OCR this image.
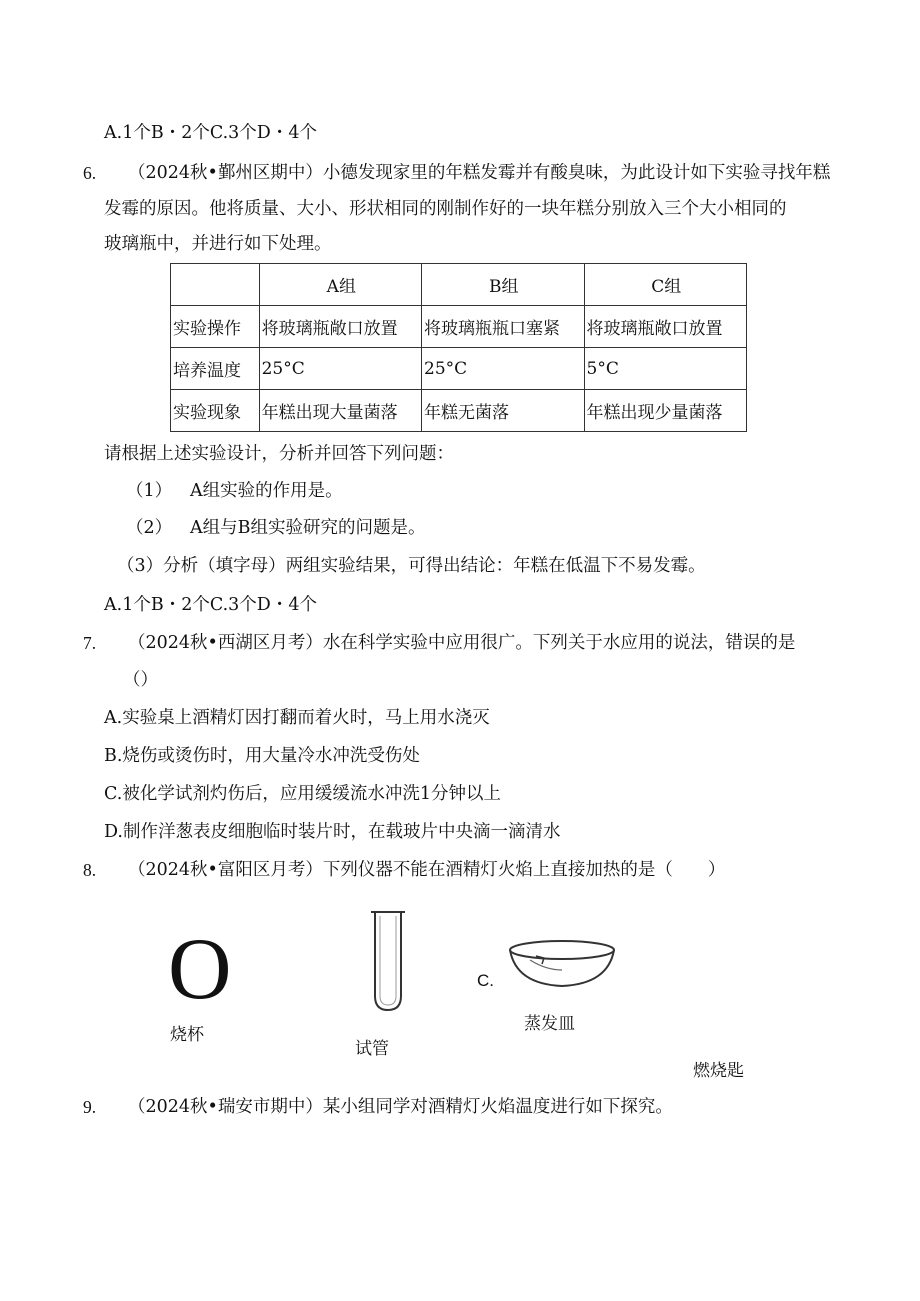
A.1个B・2个C.3个D・4个
6. （2024秋•鄞州区期中）小德发现家里的年糕发霉并有酸臭味，为此设计如下实验寻找年糕
发霉的原因。他将质量、大小、形状相同的刚制作好的一块年糕分别放入三个大小相同的
玻璃瓶中，并进行如下处理。
	A组	B组	C组
实验操作	将玻璃瓶敞口放置	将玻璃瓶瓶口塞紧	将玻璃瓶敞口放置
培养温度	25°C	25°C	5°C
实验现象	年糕出现大量菌落	年糕无菌落	年糕出现少量菌落
请根据上述实验设计，分析并回答下列问题：
（1） A组实验的作用是。
（2） A组与B组实验研究的问题是。
（3）分析（填字母）两组实验结果，可得出结论：年糕在低温下不易发霉。
A.1个B・2个C.3个D・4个
7. （2024秋•西湖区月考）水在科学实验中应用很广。下列关于水应用的说法，错误的是
（）
A.实验桌上酒精灯因打翻而着火时，马上用水浇灭
B.烧伤或烫伤时，用大量冷水冲洗受伤处
C.被化学试剂灼伤后，应用缓缓流水冲洗1分钟以上
D.制作洋葱表皮细胞临时装片时，在载玻片中央滴一滴清水
8. （2024秋•富阳区月考）下列仪器不能在酒精灯火焰上直接加热的是（　　）
O
烧杯
试管
C.
蒸发皿
燃烧匙
9. （2024秋•瑞安市期中）某小组同学对酒精灯火焰温度进行如下探究。
